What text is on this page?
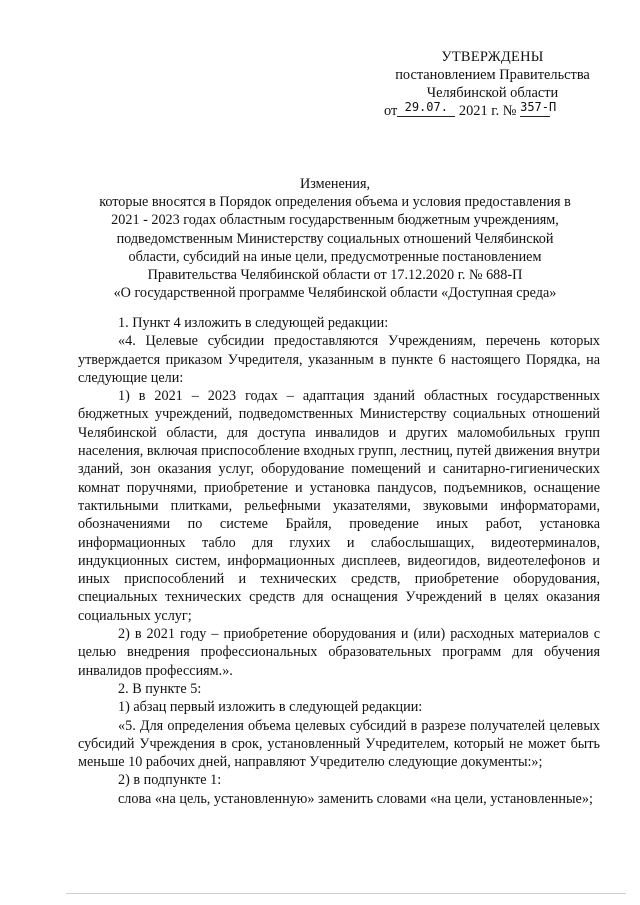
УТВЕРЖДЕНЫ
постановлением Правительства
Челябинской области
от 29.07. 2021 г. № 357-П
Изменения,
которые вносятся в Порядок определения объема и условия предоставления в
2021 - 2023 годах областным государственным бюджетным учреждениям,
подведомственным Министерству социальных отношений Челябинской
области, субсидий на иные цели, предусмотренные постановлением
Правительства Челябинской области от 17.12.2020 г. № 688-П
«О государственной программе Челябинской области «Доступная среда»

1. Пункт 4 изложить в следующей редакции:

«4. Целевые субсидии предоставляются Учреждениям, перечень которых утверждается приказом Учредителя, указанным в пункте 6 настоящего Порядка, на следующие цели:

1) в 2021 – 2023 годах – адаптация зданий областных государственных бюджетных учреждений, подведомственных Министерству социальных отношений Челябинской области, для доступа инвалидов и других маломобильных групп населения, включая приспособление входных групп, лестниц, путей движения внутри зданий, зон оказания услуг, оборудование помещений и санитарно-гигиенических комнат поручнями, приобретение и установка пандусов, подъемников, оснащение тактильными плитками, рельефными указателями, звуковыми информаторами, обозначениями по системе Брайля, проведение иных работ, установка информационных табло для глухих и слабослышащих, видеотерминалов, индукционных систем, информационных дисплеев, видеогидов, видеотелефонов и иных приспособлений и технических средств, приобретение оборудования, специальных технических средств для оснащения Учреждений в целях оказания социальных услуг;

2) в 2021 году – приобретение оборудования и (или) расходных материалов с целью внедрения профессиональных образовательных программ для обучения инвалидов профессиям.».

2. В пункте 5:

1) абзац первый изложить в следующей редакции:

«5. Для определения объема целевых субсидий в разрезе получателей целевых субсидий Учреждения в срок, установленный Учредителем, который не может быть меньше 10 рабочих дней, направляют Учредителю следующие документы:»;

2) в подпункте 1:

слова «на цель, установленную» заменить словами «на цели, установленные»;
